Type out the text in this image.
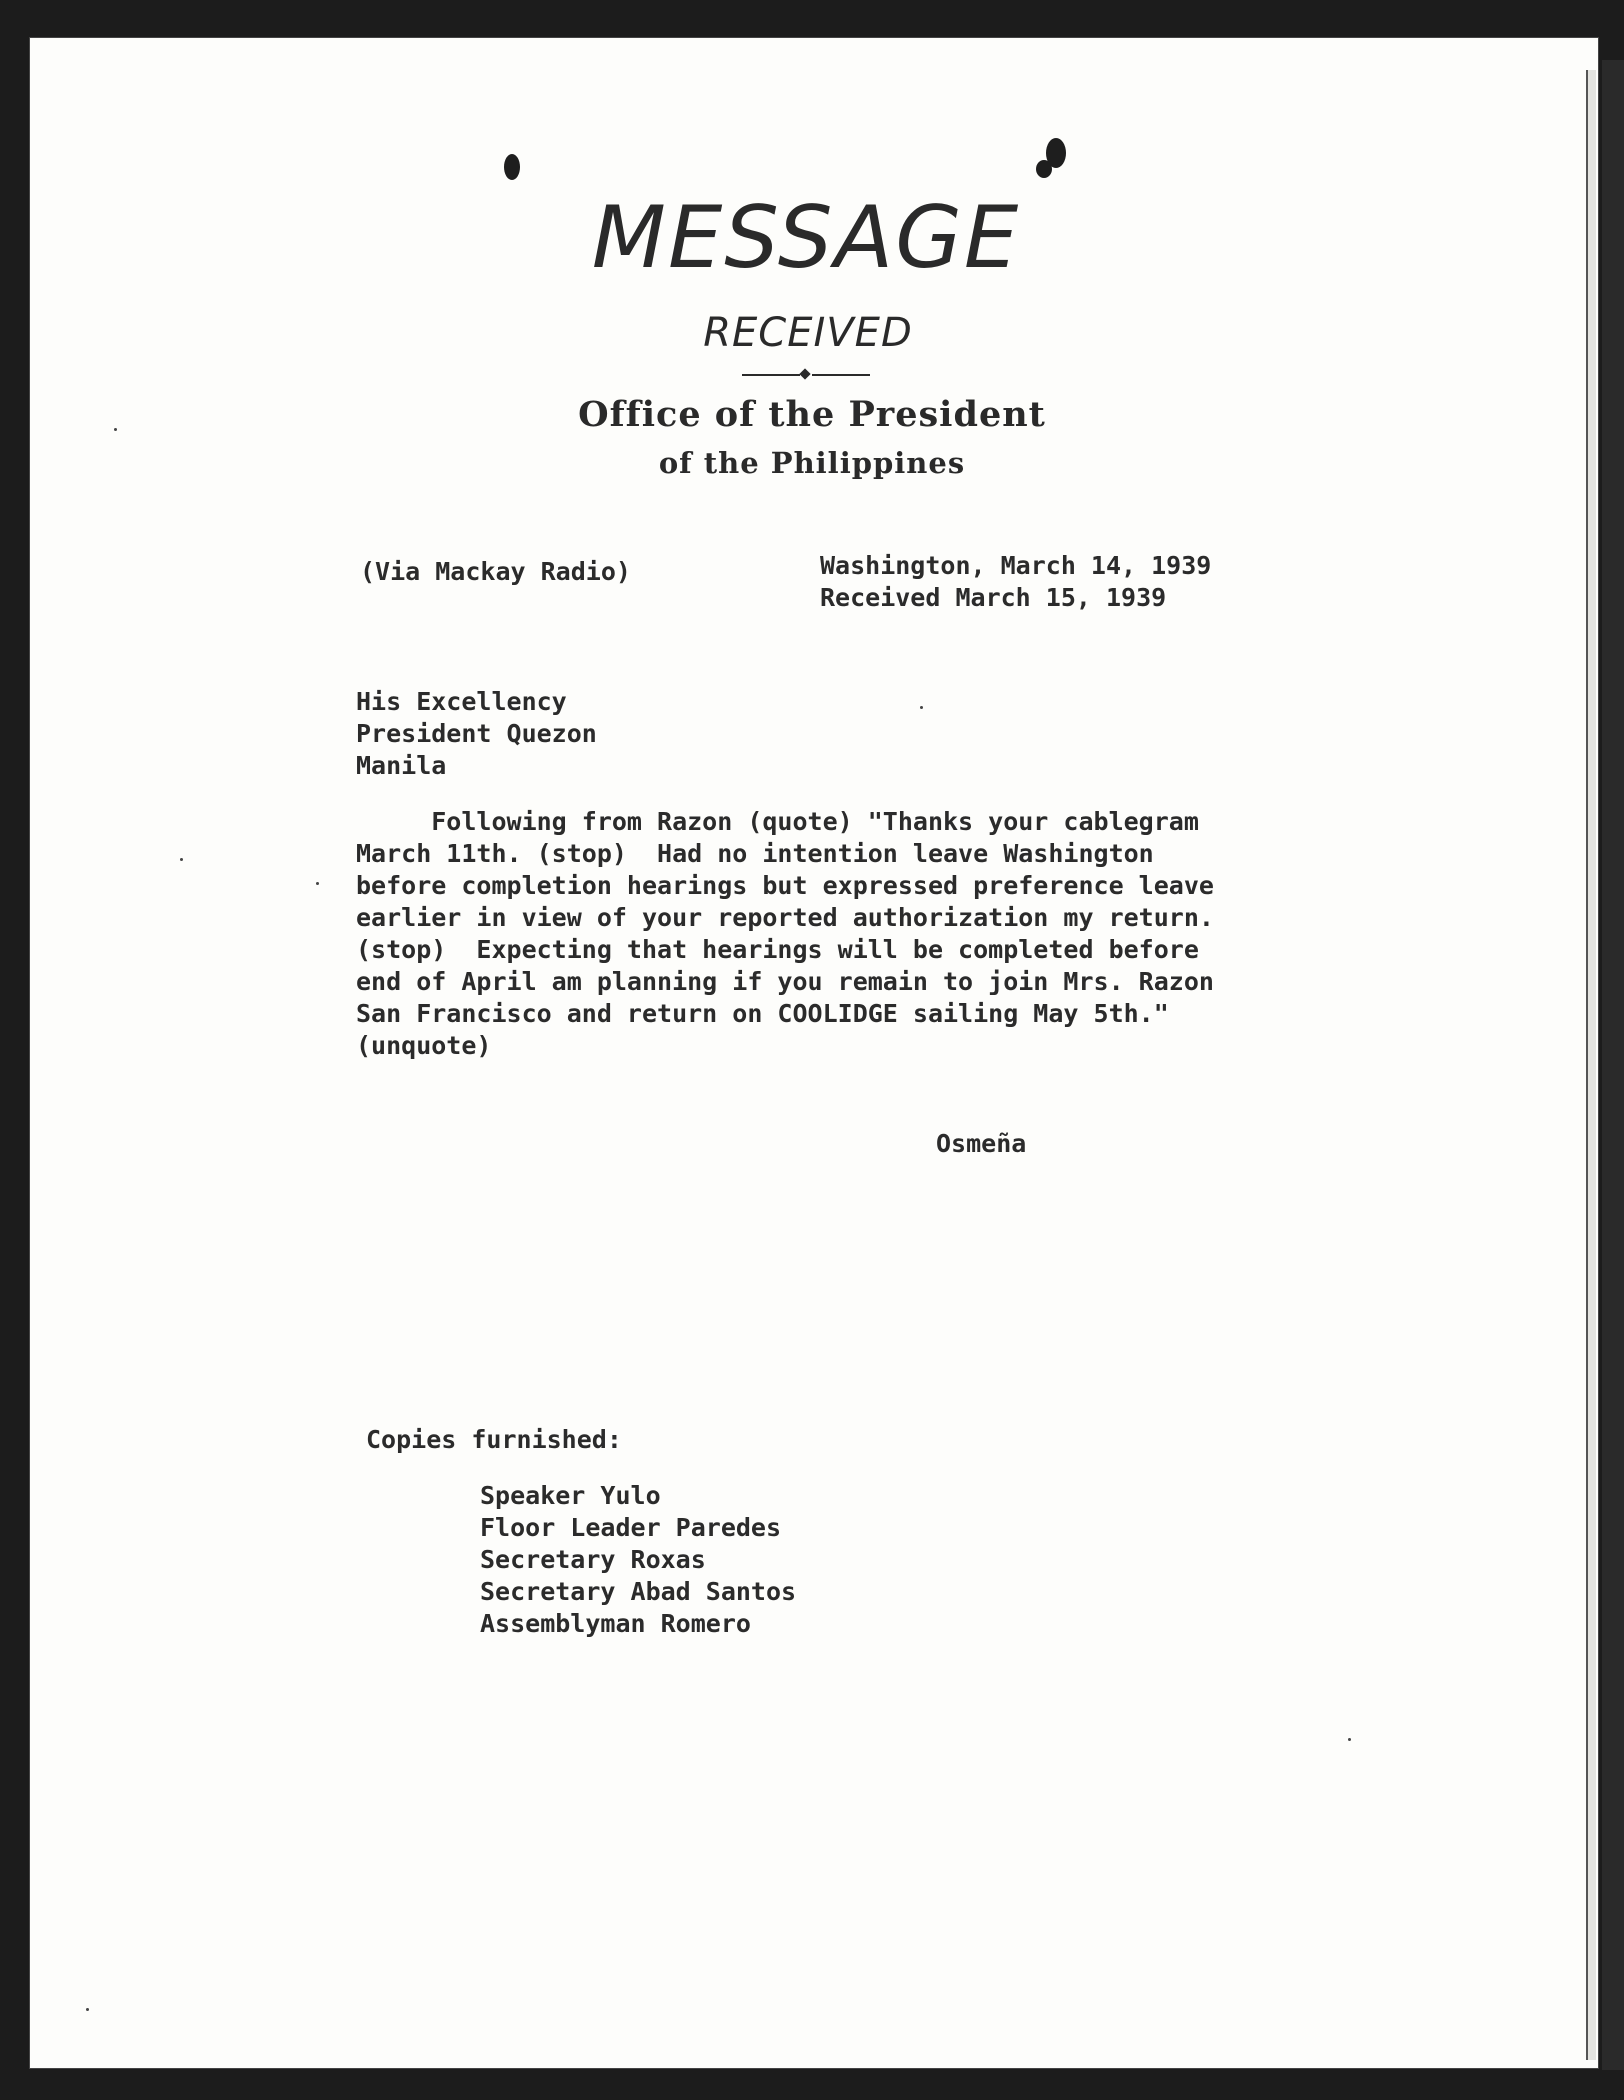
MESSAGE
RECEIVED
Office of the President
of the Philippines
(Via Mackay Radio)	Washington, March 14, 1939
Received March 15, 1939
His Excellency
President Quezon
Manila
Following from Razon (quote) "Thanks your cablegram
March 11th. (stop)  Had no intention leave Washington
before completion hearings but expressed preference leave
earlier in view of your reported authorization my return.
(stop)  Expecting that hearings will be completed before
end of April am planning if you remain to join Mrs. Razon
San Francisco and return on COOLIDGE sailing May 5th."
(unquote)
Osmeña
Copies furnished:
Speaker Yulo
Floor Leader Paredes
Secretary Roxas
Secretary Abad Santos
Assemblyman Romero
